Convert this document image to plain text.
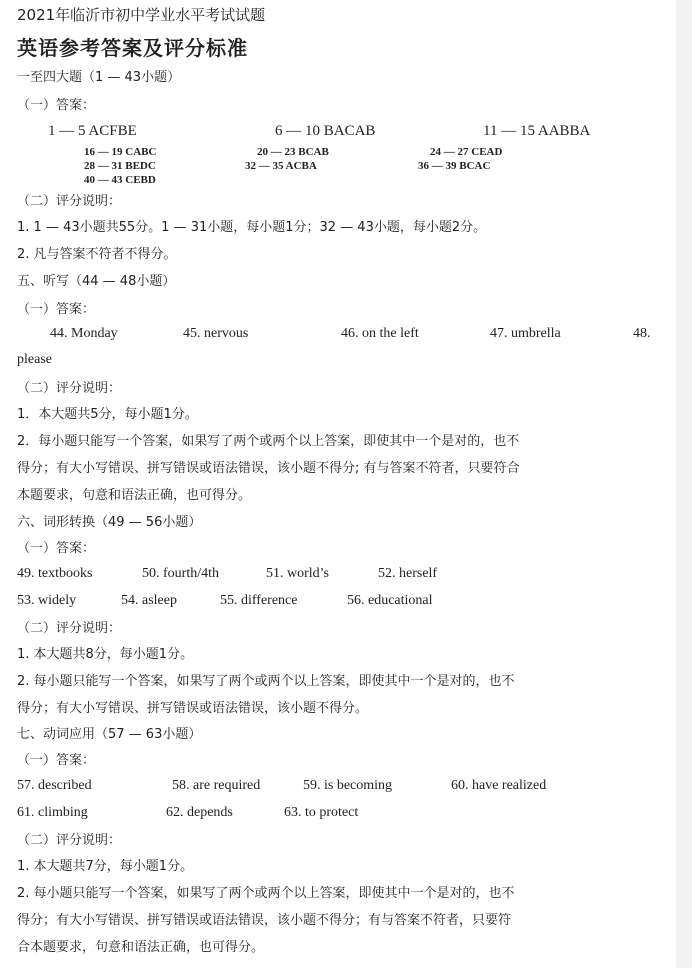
2021年临沂市初中学业水平考试试题
英语参考答案及评分标准
一至四大题（1 — 43小题）
（一）答案：
1 — 5 ACFBE	6 — 10 BACAB	11 — 15 AABBA
16 — 19 CABC	20 — 23 BCAB	24 — 27 CEAD
28 — 31 BEDC	32 — 35 ACBA	36 — 39 BCAC
40 — 43 CEBD
（二）评分说明：
1. 1 — 43小题共55分。1 — 31小题，每小题1分；32 — 43小题，每小题2分。
2. 凡与答案不符者不得分。
五、听写（44 — 48小题）
（一）答案：
44. Monday	45. nervous	46. on the left	47. umbrella	48.
please
（二）评分说明：
1．本大题共5分，每小题1分。
2．每小题只能写一个答案，如果写了两个或两个以上答案，即使其中一个是对的，也不
得分；有大小写错误、拼写错误或语法错误，该小题不得分; 有与答案不符者，只要符合
本题要求，句意和语法正确，也可得分。
六、词形转换（49 — 56小题）
（一）答案：
49. textbooks	50. fourth/4th	51. world’s	52. herself
53. widely	54. asleep	55. difference	56. educational
（二）评分说明：
1. 本大题共8分，每小题1分。
2. 每小题只能写一个答案，如果写了两个或两个以上答案，即使其中一个是对的，也不
得分；有大小写错误、拼写错误或语法错误，该小题不得分。
七、动词应用（57 — 63小题）
（一）答案：
57. described	58. are required	59. is becoming	60. have realized
61. climbing	62. depends	63. to protect
（二）评分说明：
1. 本大题共7分，每小题1分。
2. 每小题只能写一个答案，如果写了两个或两个以上答案，即使其中一个是对的，也不
得分；有大小写错误、拼写错误或语法错误，该小题不得分；有与答案不符者，只要符
合本题要求，句意和语法正确，也可得分。
